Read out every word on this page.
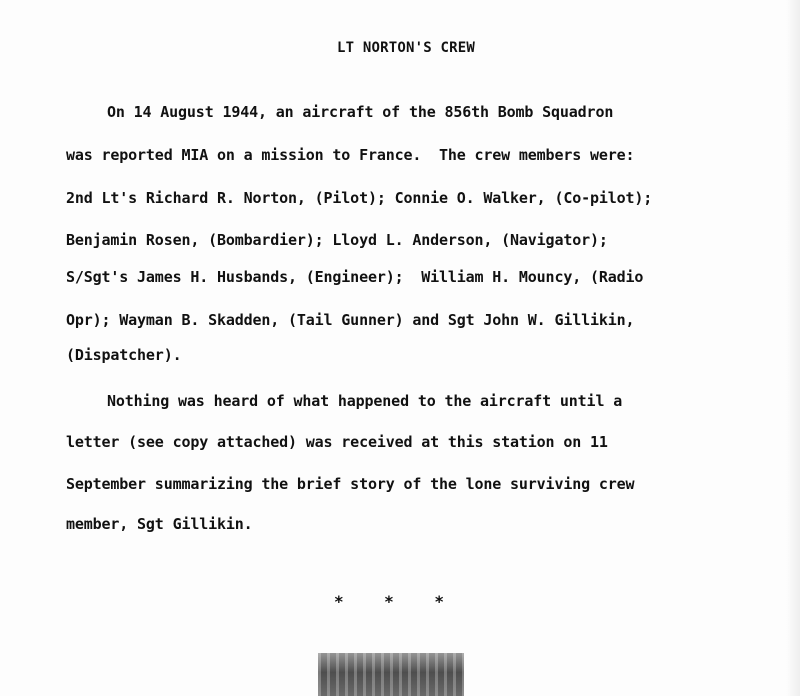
LT NORTON'S CREW
On 14 August 1944, an aircraft of the 856th Bomb Squadron
was reported MIA on a mission to France.  The crew members were:
2nd Lt's Richard R. Norton, (Pilot); Connie O. Walker, (Co-pilot);
Benjamin Rosen, (Bombardier); Lloyd L. Anderson, (Navigator);
S/Sgt's James H. Husbands, (Engineer);  William H. Mouncy, (Radio
Opr); Wayman B. Skadden, (Tail Gunner) and Sgt John W. Gillikin,
(Dispatcher).
Nothing was heard of what happened to the aircraft until a
letter (see copy attached) was received at this station on 11
September summarizing the brief story of the lone surviving crew
member, Sgt Gillikin.
*	*	*
